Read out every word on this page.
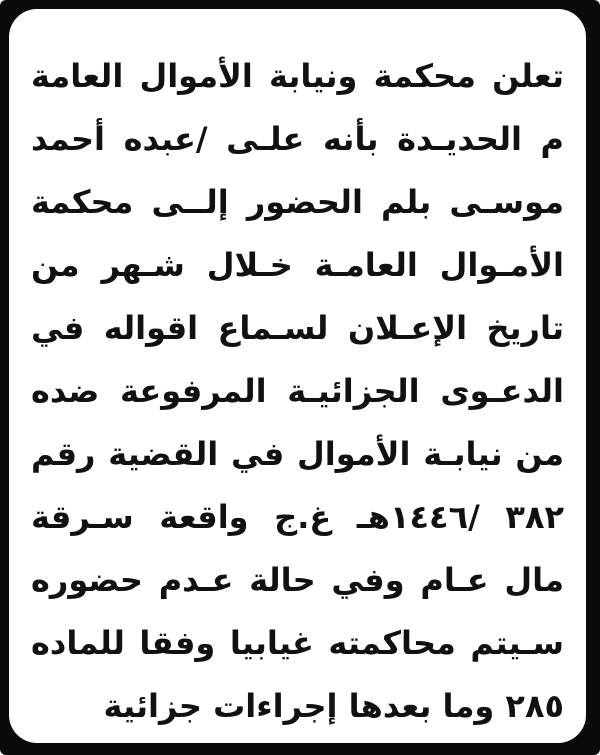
تعلن محكمة ونيابة الأموال العامة
م الحديـدة بأنه علـى /عبده أحمد
موسـى بلم الحضور إلــى محكمة
الأمـوال العامـة خـلال شـهر من
تاريخ الإعـلان لسـماع اقواله في
الدعـوى الجزائيـة المرفوعة ضده
من نيابـة الأموال في القضية رقم
٣٨٢ /١٤٤٦هـ غ.ج واقعة سـرقة
مال عـام وفي حالة عـدم حضوره
سـيتم محاكمته غيابيا وفقا للماده
٢٨٥ وما بعدها إجراءات جزائية
